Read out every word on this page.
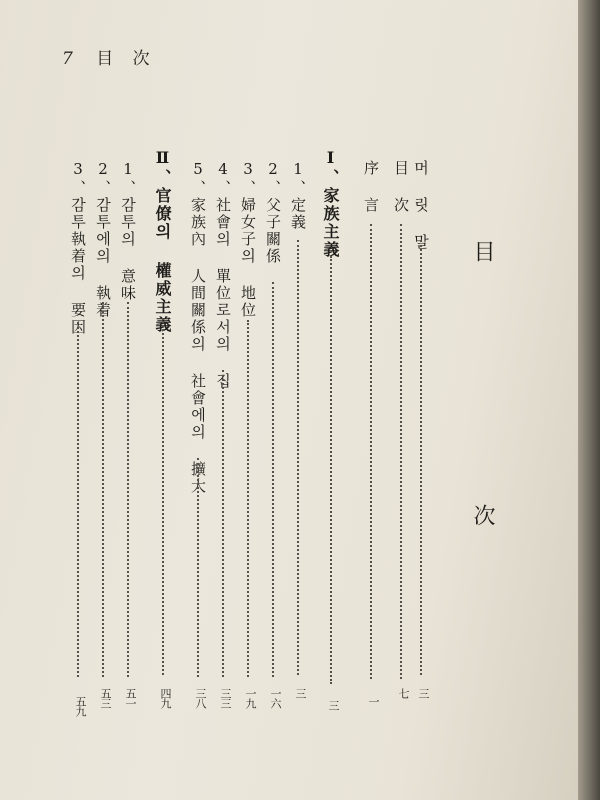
7 目 次
目　次
머 릿 말
三
目 次
七
序 言
一
Ⅰ、家族主義
三
1、定義
三
2、父子關係
一六
3、婦女子의 地位
一九
4、社會의 單位로서의 집
三三
5、家族內 人間關係의 社會에의 擴大
三八
Ⅱ、官僚의 權威主義
四九
1、감투의 意味
五一
2、감투에의 執着
五三
3、감투執着의 要因
五九
